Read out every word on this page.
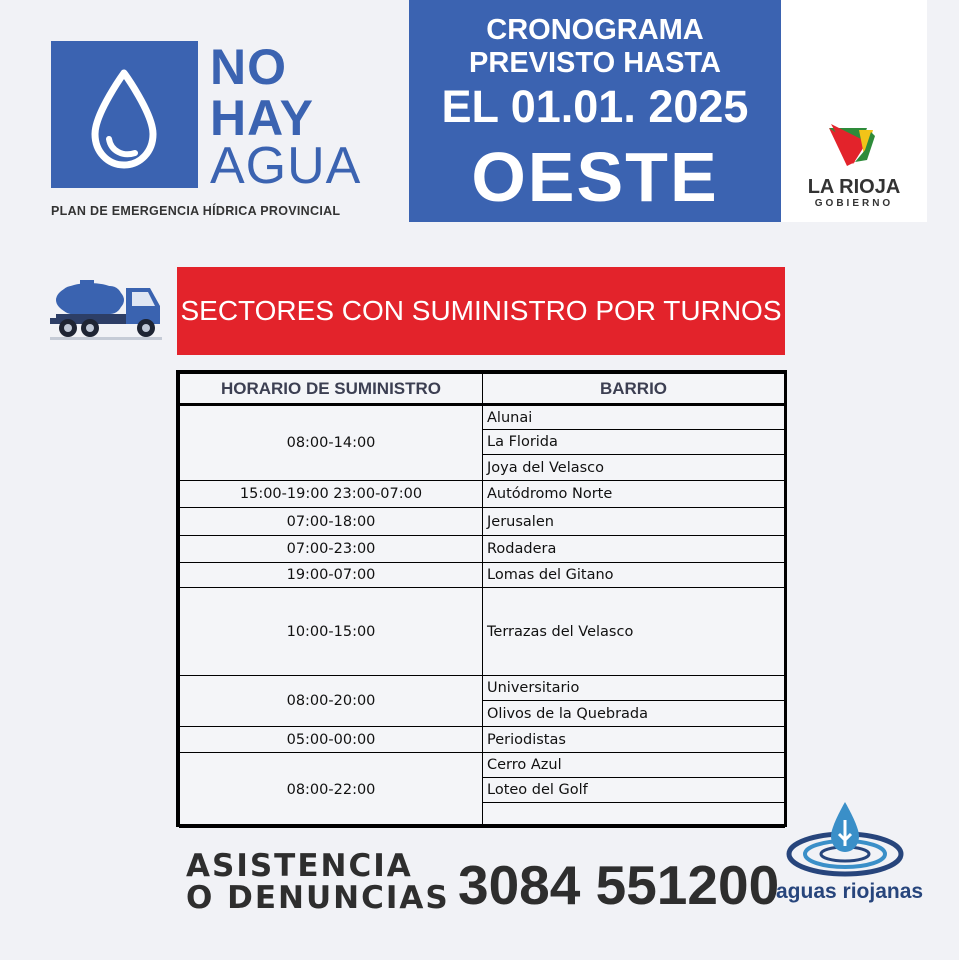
NO
HAY
AGUA
PLAN DE EMERGENCIA HÍDRICA PROVINCIAL
CRONOGRAMA
PREVISTO HASTA
EL 01.01. 2025
OESTE	LA RIOJA
GOBIERNO
SECTORES CON SUMINISTRO POR TURNOS
HORARIO DE SUMINISTRO	BARRIO
08:00-14:00	Alunai
	La Florida
	Joya del Velasco
15:00-19:00 23:00-07:00	Autódromo Norte
07:00-18:00	Jerusalen
07:00-23:00	Rodadera
19:00-07:00	Lomas del Gitano
10:00-15:00	Terrazas del Velasco
08:00-20:00	Universitario
	Olivos de la Quebrada
05:00-00:00	Periodistas
08:00-22:00	Cerro Azul
	Loteo del Golf

ASISTENCIA
O DENUNCIAS 3084 551200
aguas riojanas
